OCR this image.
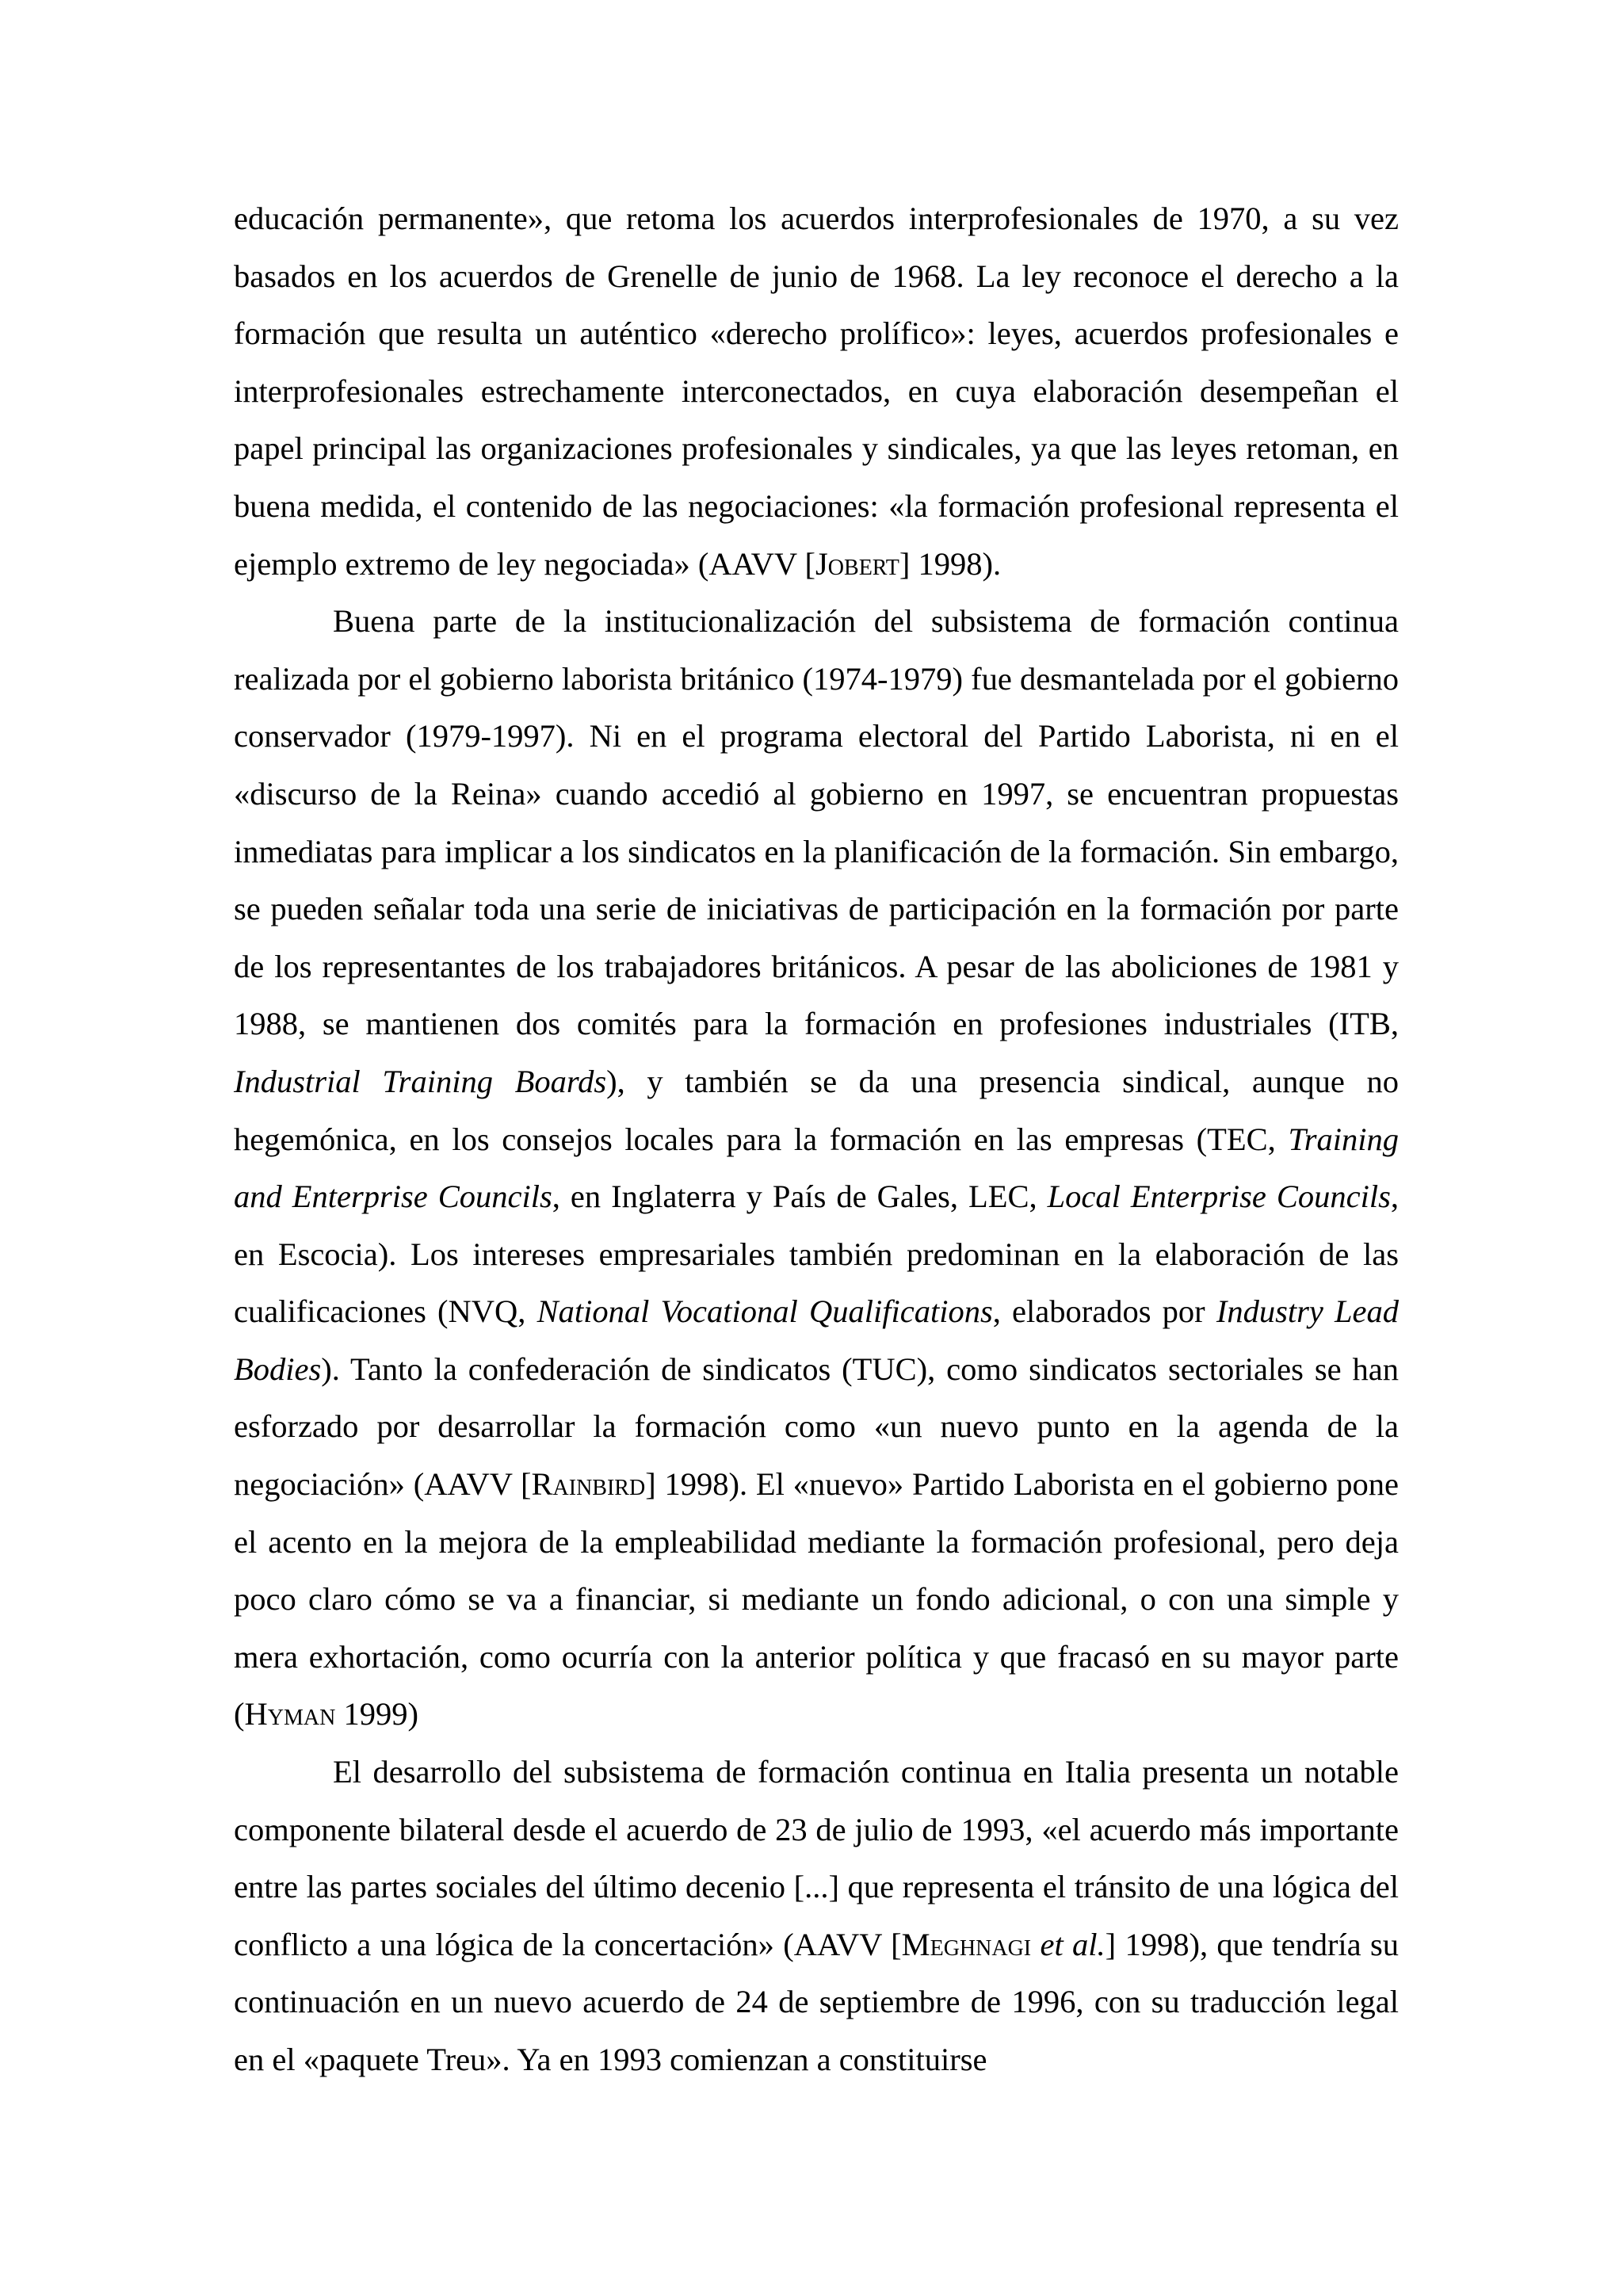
educación permanente», que retoma los acuerdos interprofesionales de 1970, a su vez basados en los acuerdos de Grenelle de junio de 1968. La ley reconoce el derecho a la formación que resulta un auténtico «derecho prolífico»: leyes, acuerdos profesionales e interprofesionales estrechamente interconectados, en cuya elaboración desempeñan el papel principal las organizaciones profesionales y sindicales, ya que las leyes retoman, en buena medida, el contenido de las negociaciones: «la formación profesional representa el ejemplo extremo de ley negociada» (AAVV [Jobert] 1998).

Buena parte de la institucionalización del subsistema de formación continua realizada por el gobierno laborista británico (1974-1979) fue desmantelada por el gobierno conservador (1979-1997). Ni en el programa electoral del Partido Laborista, ni en el «discurso de la Reina» cuando accedió al gobierno en 1997, se encuentran propuestas inmediatas para implicar a los sindicatos en la planificación de la formación. Sin embargo, se pueden señalar toda una serie de iniciativas de participación en la formación por parte de los representantes de los trabajadores británicos. A pesar de las aboliciones de 1981 y 1988, se mantienen dos comités para la formación en profesiones industriales (ITB, Industrial Training Boards), y también se da una presencia sindical, aunque no hegemónica, en los consejos locales para la formación en las empresas (TEC, Training and Enterprise Councils, en Inglaterra y País de Gales, LEC, Local Enterprise Councils, en Escocia). Los intereses empresariales también predominan en la elaboración de las cualificaciones (NVQ, National Vocational Qualifications, elaborados por Industry Lead Bodies). Tanto la confederación de sindicatos (TUC), como sindicatos sectoriales se han esforzado por desarrollar la formación como «un nuevo punto en la agenda de la negociación» (AAVV [Rainbird] 1998). El «nuevo» Partido Laborista en el gobierno pone el acento en la mejora de la empleabilidad mediante la formación profesional, pero deja poco claro cómo se va a financiar, si mediante un fondo adicional, o con una simple y mera exhortación, como ocurría con la anterior política y que fracasó en su mayor parte (Hyman 1999)

El desarrollo del subsistema de formación continua en Italia presenta un notable componente bilateral desde el acuerdo de 23 de julio de 1993, «el acuerdo más importante entre las partes sociales del último decenio [...] que representa el tránsito de una lógica del conflicto a una lógica de la concertación» (AAVV [Meghnagi et al.] 1998), que tendría su continuación en un nuevo acuerdo de 24 de septiembre de 1996, con su traducción legal en el «paquete Treu». Ya en 1993 comienzan a constituirse
